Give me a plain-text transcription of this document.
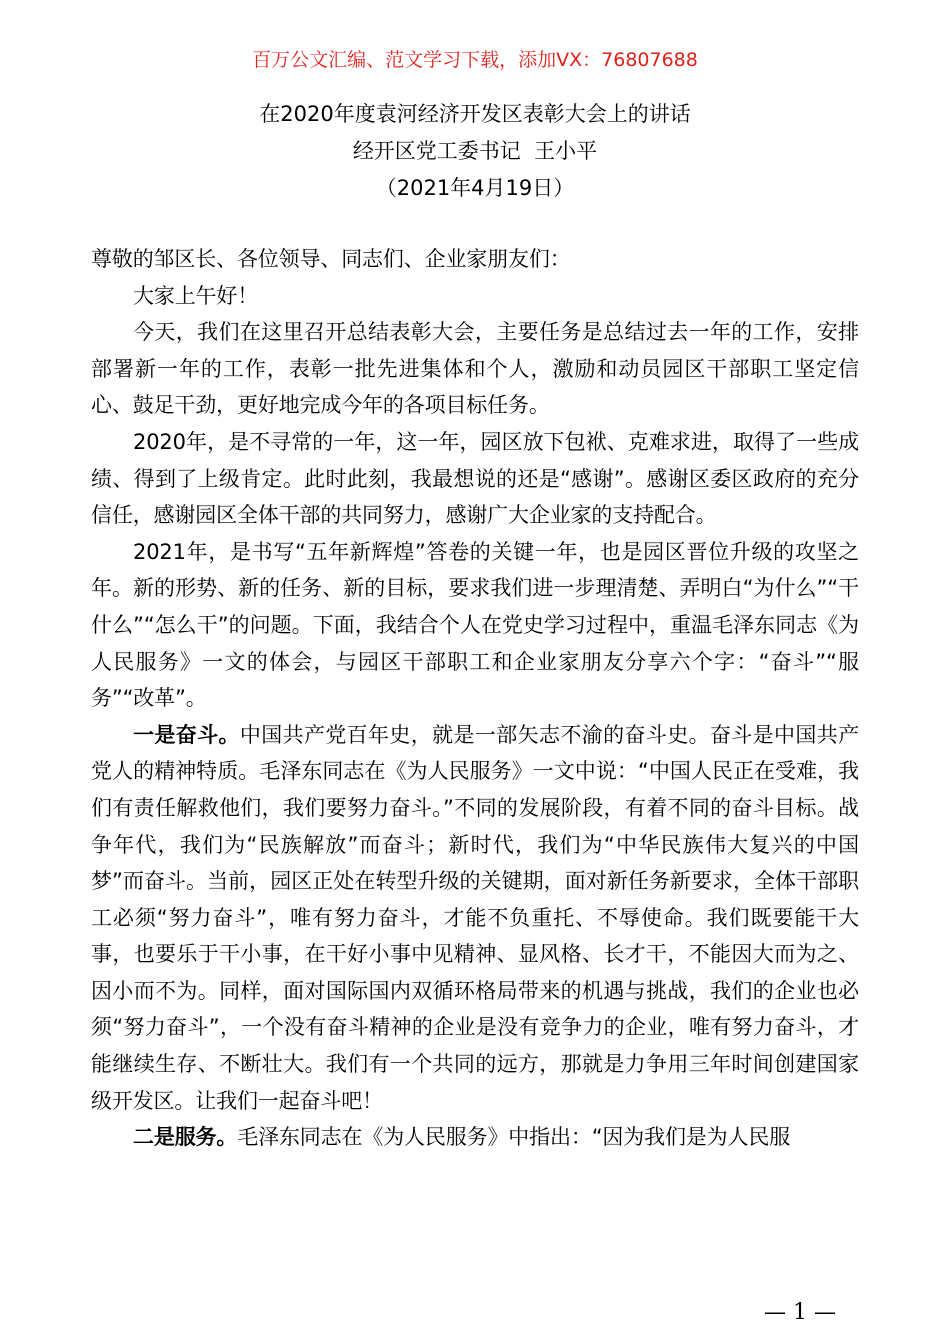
百万公文汇编、范文学习下载，添加VX：76807688
在2020年度袁河经济开发区表彰大会上的讲话
经开区党工委书记  王小平
（2021年4月19日）

尊敬的邹区长、各位领导、同志们、企业家朋友们：

大家上午好！

今天，我们在这里召开总结表彰大会，主要任务是总结过去一年的工作，安排部署新一年的工作，表彰一批先进集体和个人，激励和动员园区干部职工坚定信心、鼓足干劲，更好地完成今年的各项目标任务。

2020年，是不寻常的一年，这一年，园区放下包袱、克难求进，取得了一些成绩、得到了上级肯定。此时此刻，我最想说的还是“感谢”。感谢区委区政府的充分信任，感谢园区全体干部的共同努力，感谢广大企业家的支持配合。

2021年，是书写“五年新辉煌”答卷的关键一年，也是园区晋位升级的攻坚之年。新的形势、新的任务、新的目标，要求我们进一步理清楚、弄明白“为什么”“干什么”“怎么干”的问题。下面，我结合个人在党史学习过程中，重温毛泽东同志《为人民服务》一文的体会，与园区干部职工和企业家朋友分享六个字：“奋斗”“服务”“改革”。

一是奋斗。中国共产党百年史，就是一部矢志不渝的奋斗史。奋斗是中国共产党人的精神特质。毛泽东同志在《为人民服务》一文中说：“中国人民正在受难，我们有责任解救他们，我们要努力奋斗。”不同的发展阶段，有着不同的奋斗目标。战争年代，我们为“民族解放”而奋斗；新时代，我们为“中华民族伟大复兴的中国梦”而奋斗。当前，园区正处在转型升级的关键期，面对新任务新要求，全体干部职工必须“努力奋斗”，唯有努力奋斗，才能不负重托、不辱使命。我们既要能干大事，也要乐于干小事，在干好小事中见精神、显风格、长才干，不能因大而为之、因小而不为。同样，面对国际国内双循环格局带来的机遇与挑战，我们的企业也必须“努力奋斗”，一个没有奋斗精神的企业是没有竞争力的企业，唯有努力奋斗，才能继续生存、不断壮大。我们有一个共同的远方，那就是力争用三年时间创建国家级开发区。让我们一起奋斗吧！

二是服务。毛泽东同志在《为人民服务》中指出：“因为我们是为人民服

— 1 —
